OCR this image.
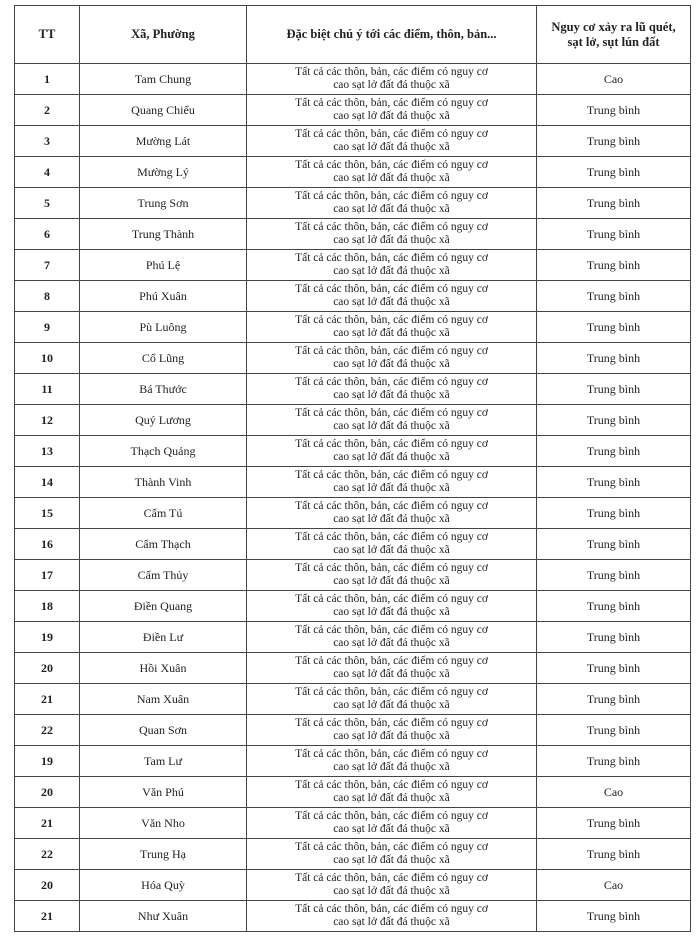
TT	Xã, Phường	Đặc biệt chú ý tới các điểm, thôn, bản...	Nguy cơ xảy ra lũ quét, sạt lở, sụt lún đất

1	Tam Chung	Tất cả các thôn, bản, các điểm có nguy cơ
cao sạt lở đất đá thuộc xã	Cao
2	Quang Chiểu	Tất cả các thôn, bản, các điểm có nguy cơ
cao sạt lở đất đá thuộc xã	Trung bình
3	Mường Lát	Tất cả các thôn, bản, các điểm có nguy cơ
cao sạt lở đất đá thuộc xã	Trung bình
4	Mường Lý	Tất cả các thôn, bản, các điểm có nguy cơ
cao sạt lở đất đá thuộc xã	Trung bình
5	Trung Sơn	Tất cả các thôn, bản, các điểm có nguy cơ
cao sạt lở đất đá thuộc xã	Trung bình
6	Trung Thành	Tất cả các thôn, bản, các điểm có nguy cơ
cao sạt lở đất đá thuộc xã	Trung bình
7	Phú Lệ	Tất cả các thôn, bản, các điểm có nguy cơ
cao sạt lở đất đá thuộc xã	Trung bình
8	Phú Xuân	Tất cả các thôn, bản, các điểm có nguy cơ
cao sạt lở đất đá thuộc xã	Trung bình
9	Pù Luông	Tất cả các thôn, bản, các điểm có nguy cơ
cao sạt lở đất đá thuộc xã	Trung bình
10	Cổ Lũng	Tất cả các thôn, bản, các điểm có nguy cơ
cao sạt lở đất đá thuộc xã	Trung bình
11	Bá Thước	Tất cả các thôn, bản, các điểm có nguy cơ
cao sạt lở đất đá thuộc xã	Trung bình
12	Quý Lương	Tất cả các thôn, bản, các điểm có nguy cơ
cao sạt lở đất đá thuộc xã	Trung bình
13	Thạch Quảng	Tất cả các thôn, bản, các điểm có nguy cơ
cao sạt lở đất đá thuộc xã	Trung bình
14	Thành Vinh	Tất cả các thôn, bản, các điểm có nguy cơ
cao sạt lở đất đá thuộc xã	Trung bình
15	Cẩm Tú	Tất cả các thôn, bản, các điểm có nguy cơ
cao sạt lở đất đá thuộc xã	Trung bình
16	Cẩm Thạch	Tất cả các thôn, bản, các điểm có nguy cơ
cao sạt lở đất đá thuộc xã	Trung bình
17	Cẩm Thủy	Tất cả các thôn, bản, các điểm có nguy cơ
cao sạt lở đất đá thuộc xã	Trung bình
18	Điền Quang	Tất cả các thôn, bản, các điểm có nguy cơ
cao sạt lở đất đá thuộc xã	Trung bình
19	Điền Lư	Tất cả các thôn, bản, các điểm có nguy cơ
cao sạt lở đất đá thuộc xã	Trung bình
20	Hồi Xuân	Tất cả các thôn, bản, các điểm có nguy cơ
cao sạt lở đất đá thuộc xã	Trung bình
21	Nam Xuân	Tất cả các thôn, bản, các điểm có nguy cơ
cao sạt lở đất đá thuộc xã	Trung bình
22	Quan Sơn	Tất cả các thôn, bản, các điểm có nguy cơ
cao sạt lở đất đá thuộc xã	Trung bình
19	Tam Lư	Tất cả các thôn, bản, các điểm có nguy cơ
cao sạt lở đất đá thuộc xã	Trung bình
20	Văn Phú	Tất cả các thôn, bản, các điểm có nguy cơ
cao sạt lở đất đá thuộc xã	Cao
21	Văn Nho	Tất cả các thôn, bản, các điểm có nguy cơ
cao sạt lở đất đá thuộc xã	Trung bình
22	Trung Hạ	Tất cả các thôn, bản, các điểm có nguy cơ
cao sạt lở đất đá thuộc xã	Trung bình
20	Hóa Quỳ	Tất cả các thôn, bản, các điểm có nguy cơ
cao sạt lở đất đá thuộc xã	Cao
21	Như Xuân	Tất cả các thôn, bản, các điểm có nguy cơ
cao sạt lở đất đá thuộc xã	Trung bình
